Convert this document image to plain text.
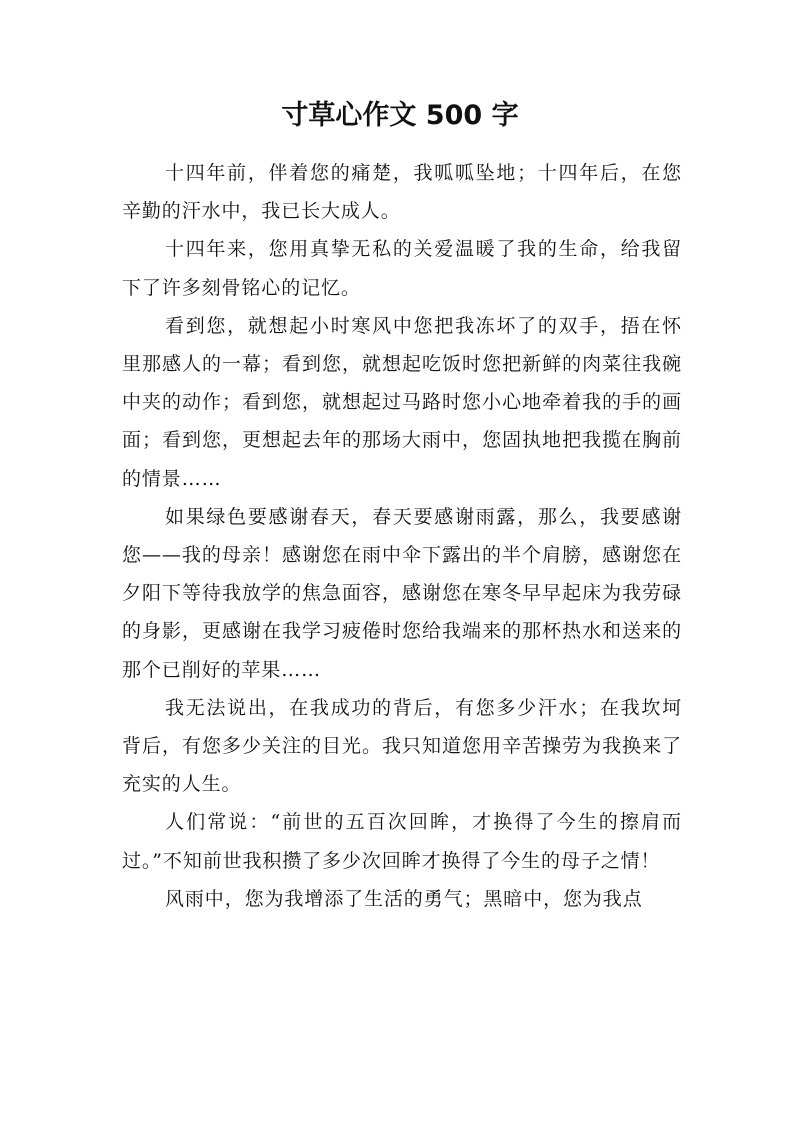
寸草心作文 500 字

十四年前，伴着您的痛楚，我呱呱坠地；十四年后，在您辛勤的汗水中，我已长大成人。

十四年来，您用真挚无私的关爱温暖了我的生命，给我留下了许多刻骨铭心的记忆。

看到您，就想起小时寒风中您把我冻坏了的双手，捂在怀里那感人的一幕；看到您，就想起吃饭时您把新鲜的肉菜往我碗中夹的动作；看到您，就想起过马路时您小心地牵着我的手的画面；看到您，更想起去年的那场大雨中，您固执地把我揽在胸前的情景……

如果绿色要感谢春天，春天要感谢雨露，那么，我要感谢您——我的母亲！感谢您在雨中伞下露出的半个肩膀，感谢您在夕阳下等待我放学的焦急面容，感谢您在寒冬早早起床为我劳碌的身影，更感谢在我学习疲倦时您给我端来的那杯热水和送来的那个已削好的苹果……

我无法说出，在我成功的背后，有您多少汗水；在我坎坷背后，有您多少关注的目光。我只知道您用辛苦操劳为我换来了充实的人生。

人们常说：“前世的五百次回眸，才换得了今生的擦肩而过。”不知前世我积攒了多少次回眸才换得了今生的母子之情！

风雨中，您为我增添了生活的勇气；黑暗中，您为我点
